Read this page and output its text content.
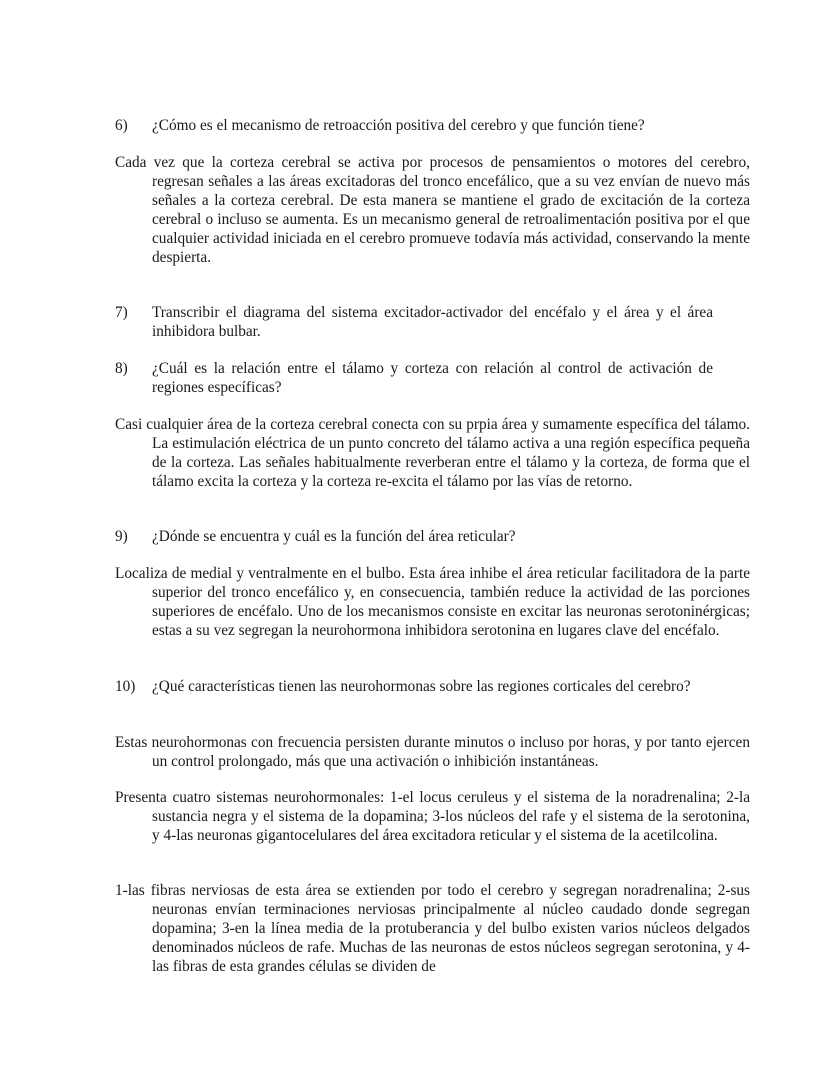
6)	¿Cómo es el mecanismo de retroacción positiva del cerebro y que función tiene?
Cada vez que la corteza cerebral se activa por procesos de pensamientos o motores del cerebro, regresan señales a las áreas excitadoras del tronco encefálico, que a su vez envían de nuevo más señales a la corteza cerebral. De esta manera se mantiene el grado de excitación de la corteza cerebral o incluso se aumenta. Es un mecanismo general de retroalimentación positiva por el que cualquier actividad iniciada en el cerebro promueve todavía más actividad, conservando la mente despierta.
7)	Transcribir el diagrama del sistema excitador-activador del encéfalo y el área y el área inhibidora bulbar.
8)	¿Cuál es la relación entre el tálamo y corteza con relación al control de activación de regiones específicas?
Casi cualquier área de la corteza cerebral conecta con su prpia área y sumamente específica del tálamo. La estimulación eléctrica de un punto concreto del tálamo activa a una región específica pequeña de la corteza. Las señales habitualmente reverberan entre el tálamo y la corteza, de forma que el tálamo excita la corteza y la corteza re-excita el tálamo por las vías de retorno.
9)	¿Dónde se encuentra y cuál es la función del área reticular?
Localiza de medial y ventralmente en el bulbo. Esta área inhibe el área reticular facilitadora de la parte superior del tronco encefálico y, en consecuencia, también reduce la actividad de las porciones superiores de encéfalo. Uno de los mecanismos consiste en excitar las neuronas serotoninérgicas; estas a su vez segregan la neurohormona inhibidora serotonina en lugares clave del encéfalo.
10)	¿Qué características tienen las neurohormonas sobre las regiones corticales del cerebro?
Estas neurohormonas con frecuencia persisten durante minutos o incluso por horas, y por tanto ejercen un control prolongado, más que una activación o inhibición instantáneas.
Presenta cuatro sistemas neurohormonales: 1-el locus ceruleus y el sistema de la noradrenalina; 2-la sustancia negra y el sistema de la dopamina; 3-los núcleos del rafe y el sistema de la serotonina, y 4-las neuronas gigantocelulares del área excitadora reticular y el sistema de la acetilcolina.
1-las fibras nerviosas de esta área se extienden por todo el cerebro y segregan noradrenalina; 2-sus neuronas envían terminaciones nerviosas principalmente al núcleo caudado donde segregan dopamina; 3-en la línea media de la protuberancia y del bulbo existen varios núcleos delgados denominados núcleos de rafe. Muchas de las neuronas de estos núcleos segregan serotonina, y 4- las fibras de esta grandes células se dividen de
